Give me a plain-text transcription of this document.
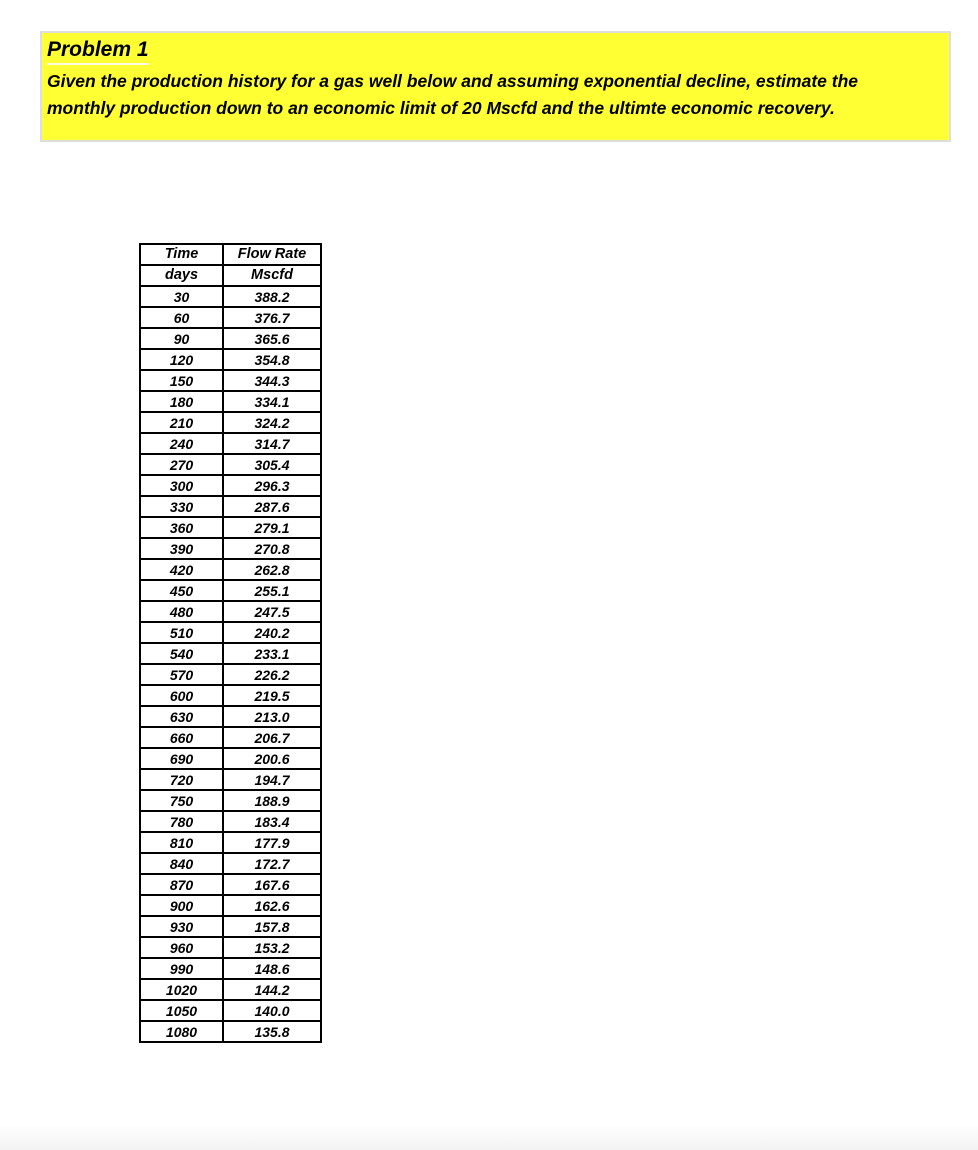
Problem 1
Given the production history for a gas well below and assuming exponential decline, estimate the
monthly production down to an economic limit of 20 Mscfd and the ultimte economic recovery.
Time	Flow Rate
days	Mscfd
30	388.2
60	376.7
90	365.6
120	354.8
150	344.3
180	334.1
210	324.2
240	314.7
270	305.4
300	296.3
330	287.6
360	279.1
390	270.8
420	262.8
450	255.1
480	247.5
510	240.2
540	233.1
570	226.2
600	219.5
630	213.0
660	206.7
690	200.6
720	194.7
750	188.9
780	183.4
810	177.9
840	172.7
870	167.6
900	162.6
930	157.8
960	153.2
990	148.6
1020	144.2
1050	140.0
1080	135.8
